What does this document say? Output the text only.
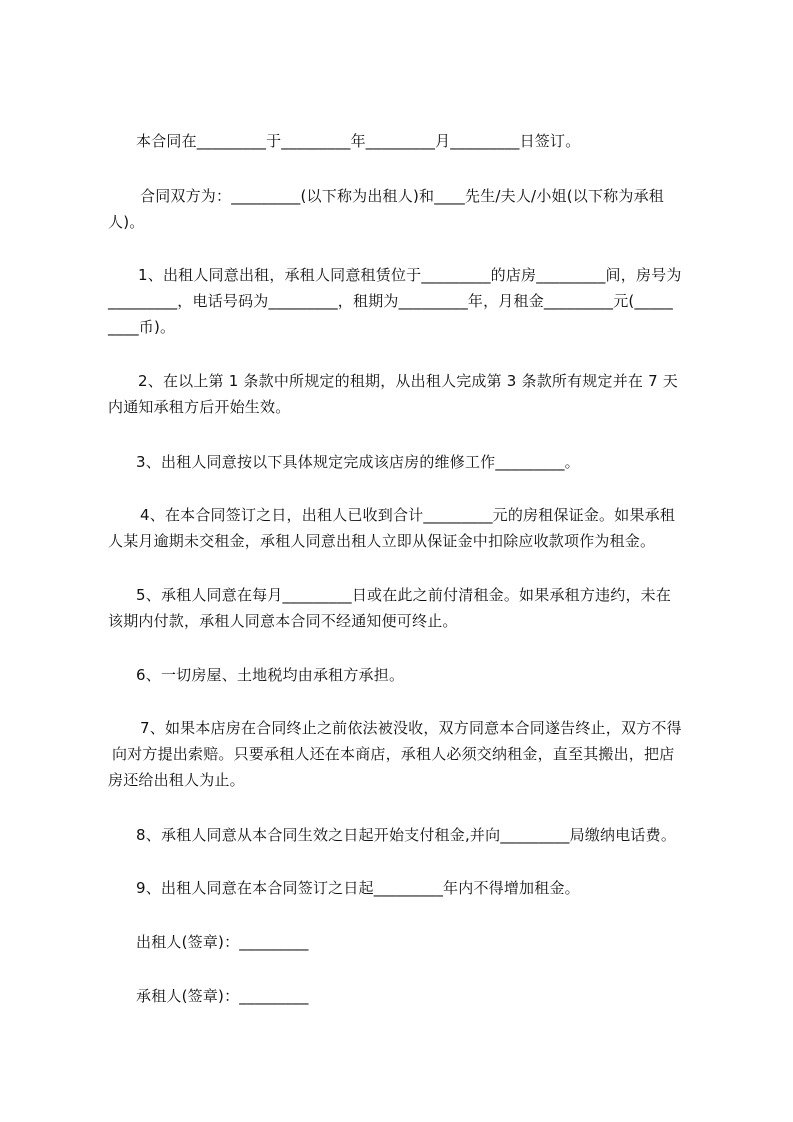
本合同在_________于_________年_________月_________日签订。
合同双方为：_________(以下称为出租人)和____先生/夫人/小姐(以下称为承租
人)。
1、出租人同意出租，承租人同意租赁位于_________的店房_________间，房号为
_________，电话号码为_________，租期为_________年，月租金_________元(_____
____币)。
2、在以上第 1 条款中所规定的租期，从出租人完成第 3 条款所有规定并在 7 天
内通知承租方后开始生效。
3、出租人同意按以下具体规定完成该店房的维修工作_________。
4、在本合同签订之日，出租人已收到合计_________元的房租保证金。如果承租
人某月逾期未交租金，承租人同意出租人立即从保证金中扣除应收款项作为租金。
5、承租人同意在每月_________日或在此之前付清租金。如果承租方违约，未在
该期内付款，承租人同意本合同不经通知便可终止。
6、一切房屋、土地税均由承租方承担。
7、如果本店房在合同终止之前依法被没收，双方同意本合同遂告终止，双方不得
向对方提出索赔。只要承租人还在本商店，承租人必须交纳租金，直至其搬出，把店
房还给出租人为止。
8、承租人同意从本合同生效之日起开始支付租金,并向_________局缴纳电话费。
9、出租人同意在本合同签订之日起_________年内不得增加租金。
出租人(签章)：_________
承租人(签章)：_________
